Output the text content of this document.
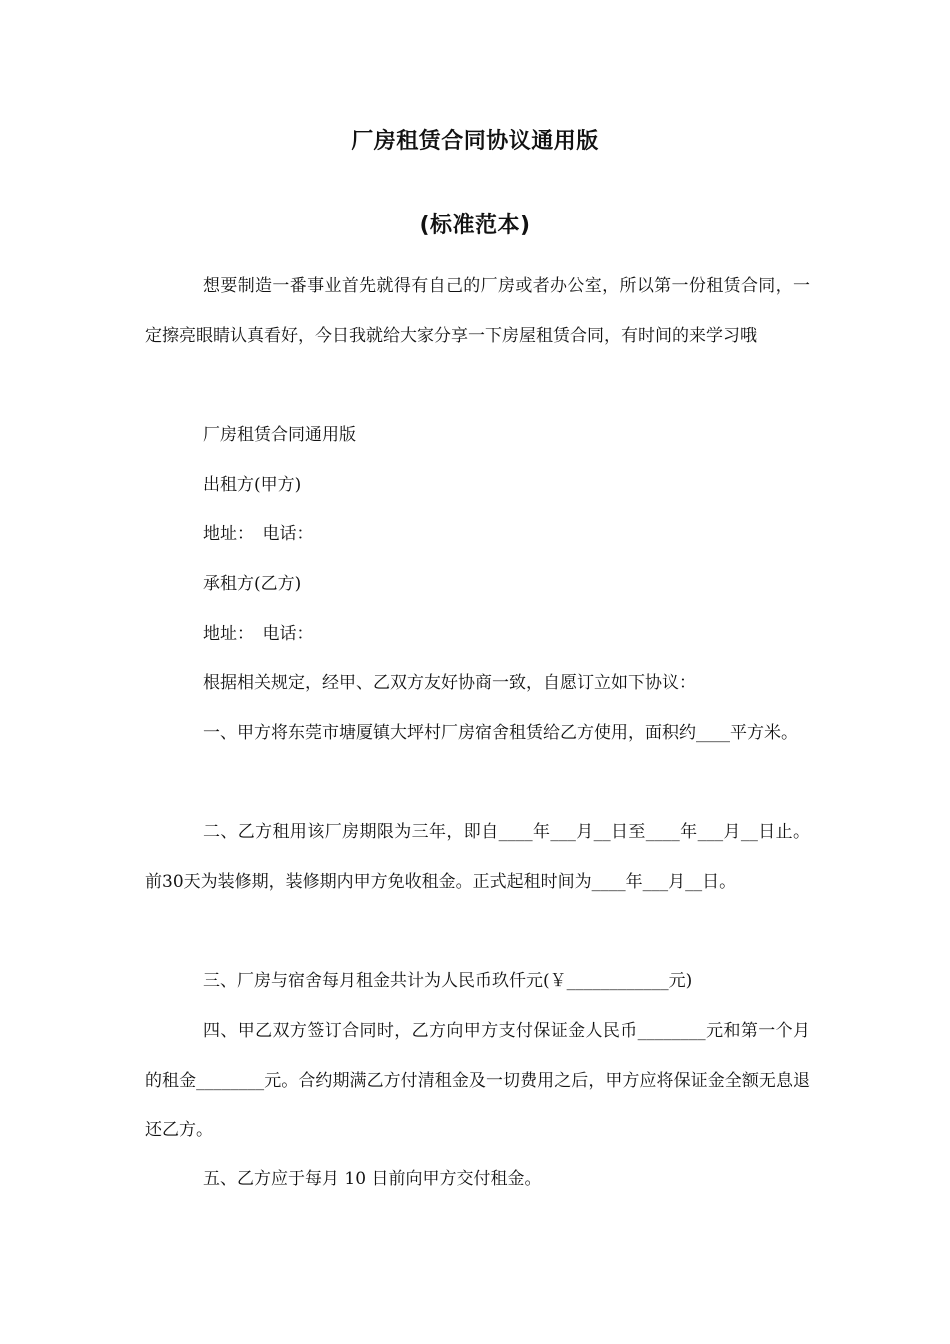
厂房租赁合同协议通用版
(标准范本)

想要制造一番事业首先就得有自己的厂房或者办公室，所以第一份租赁合同，一定擦亮眼睛认真看好，今日我就给大家分享一下房屋租赁合同，有时间的来学习哦

厂房租赁合同通用版
出租方(甲方)
地址：　电话：
承租方(乙方)
地址：　电话：
根据相关规定，经甲、乙双方友好协商一致，自愿订立如下协议：

一、甲方将东莞市塘厦镇大坪村厂房宿舍租赁给乙方使用，面积约____平方米。

二、乙方租用该厂房期限为三年，即自____年___月__日至____年___月__日止。前30天为装修期，装修期内甲方免收租金。正式起租时间为____年___月__日。

三、厂房与宿舍每月租金共计为人民币玖仟元(￥____________元)

四、甲乙双方签订合同时，乙方向甲方支付保证金人民币________元和第一个月的租金________元。合约期满乙方付清租金及一切费用之后，甲方应将保证金全额无息退还乙方。

五、乙方应于每月 10 日前向甲方交付租金。
